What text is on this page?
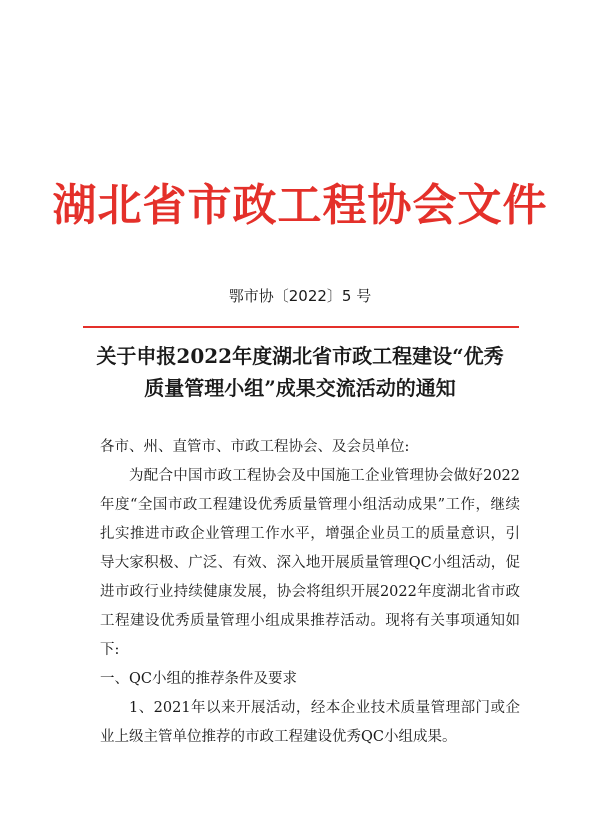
湖北省市政工程协会文件
鄂市协〔2022〕5 号
关于申报2022年度湖北省市政工程建设“优秀
质量管理小组”成果交流活动的通知

各市、州、直管市、市政工程协会、及会员单位:

为配合中国市政工程协会及中国施工企业管理协会做好2022年度“全国市政工程建设优秀质量管理小组活动成果”工作，继续扎实推进市政企业管理工作水平，增强企业员工的质量意识，引导大家积极、广泛、有效、深入地开展质量管理QC小组活动，促进市政行业持续健康发展，协会将组织开展2022年度湖北省市政工程建设优秀质量管理小组成果推荐活动。现将有关事项通知如下:

一、QC小组的推荐条件及要求

1、2021年以来开展活动，经本企业技术质量管理部门或企业上级主管单位推荐的市政工程建设优秀QC小组成果。
